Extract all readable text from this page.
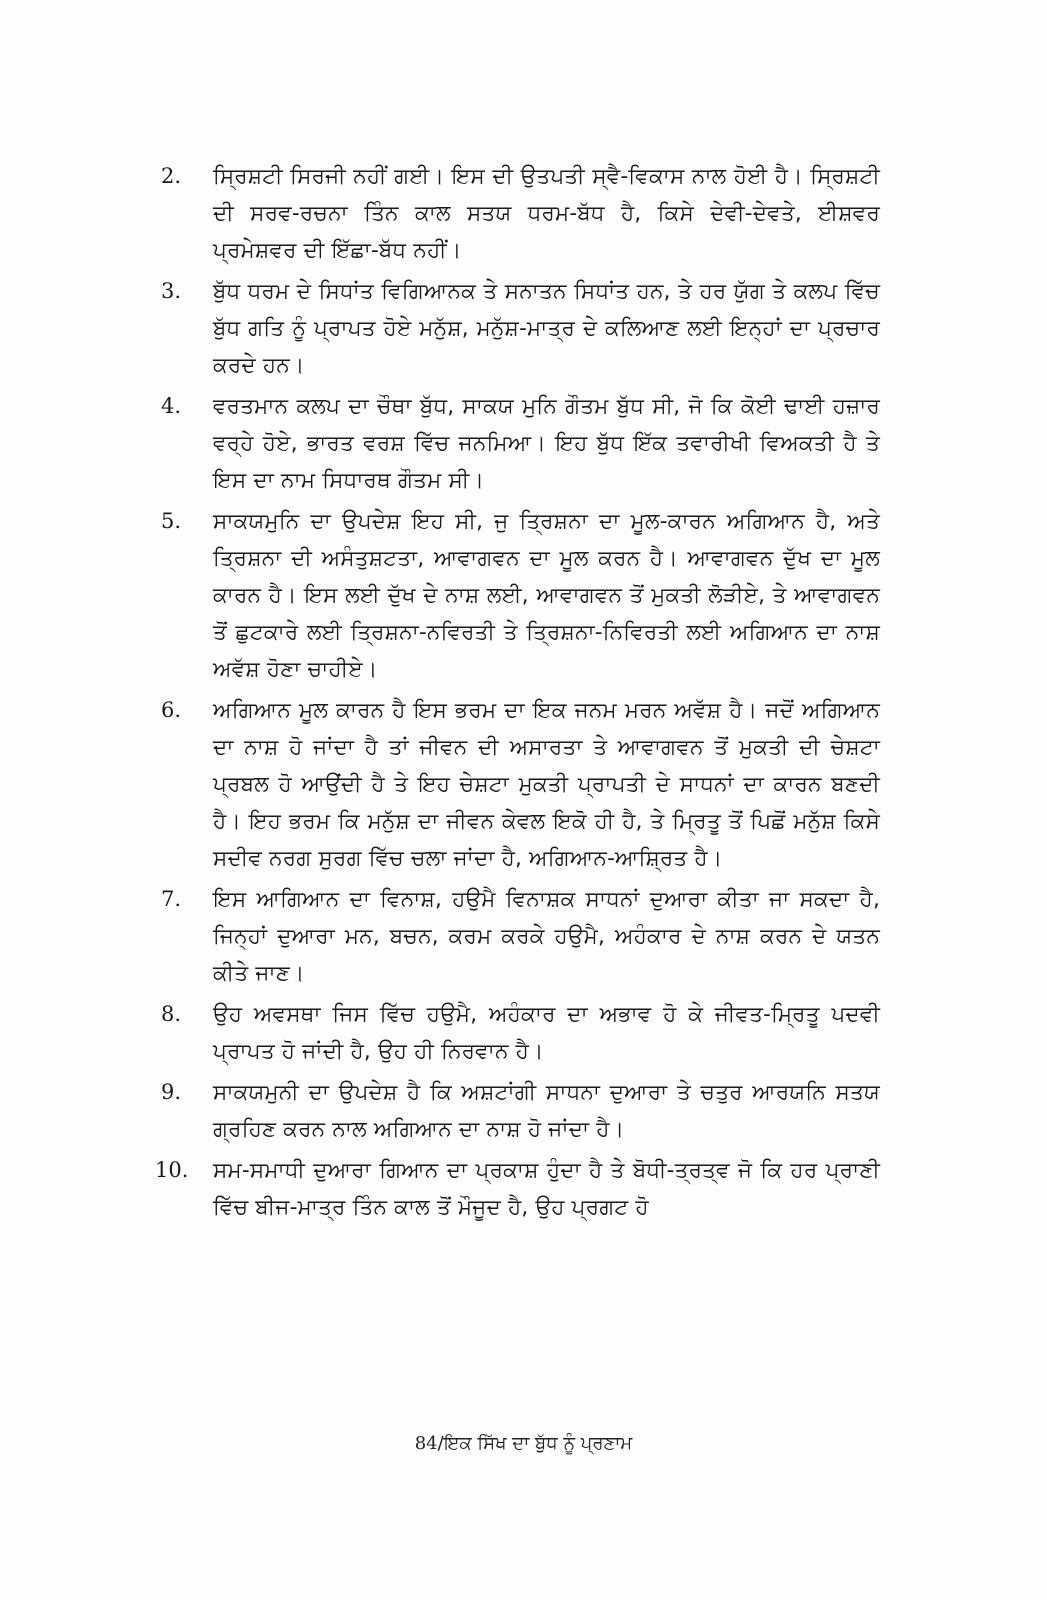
2.	ਸ੍ਰਿਸ਼ਟੀ ਸਿਰਜੀ ਨਹੀਂ ਗਈ। ਇਸ ਦੀ ਉਤਪਤੀ ਸ੍ਵੈ-ਵਿਕਾਸ ਨਾਲ ਹੋਈ ਹੈ। ਸ੍ਰਿਸ਼ਟੀ ਦੀ ਸਰਵ-ਰਚਨਾ ਤਿੰਨ ਕਾਲ ਸਤਯ ਧਰਮ-ਬੱਧ ਹੈ, ਕਿਸੇ ਦੇਵੀ-ਦੇਵਤੇ, ਈਸ਼ਵਰ ਪ੍ਰਮੇਸ਼ਵਰ ਦੀ ਇੱਛਾ-ਬੱਧ ਨਹੀਂ।
3.	ਬੁੱਧ ਧਰਮ ਦੇ ਸਿਧਾਂਤ ਵਿਗਿਆਨਕ ਤੇ ਸਨਾਤਨ ਸਿਧਾਂਤ ਹਨ, ਤੇ ਹਰ ਯੁੱਗ ਤੇ ਕਲਪ ਵਿੱਚ ਬੁੱਧ ਗਤਿ ਨੂੰ ਪ੍ਰਾਪਤ ਹੋਏ ਮਨੁੱਸ਼, ਮਨੁੱਸ਼-ਮਾਤ੍ਰ ਦੇ ਕਲਿਆਣ ਲਈ ਇਨ੍ਹਾਂ ਦਾ ਪ੍ਰਚਾਰ ਕਰਦੇ ਹਨ।
4.	ਵਰਤਮਾਨ ਕਲਪ ਦਾ ਚੌਥਾ ਬੁੱਧ, ਸਾਕਯ ਮੁਨਿ ਗੌਤਮ ਬੁੱਧ ਸੀ, ਜੋ ਕਿ ਕੋਈ ਢਾਈ ਹਜ਼ਾਰ ਵਰ੍ਹੇ ਹੋਏ, ਭਾਰਤ ਵਰਸ਼ ਵਿੱਚ ਜਨਮਿਆ। ਇਹ ਬੁੱਧ ਇੱਕ ਤਵਾਰੀਖੀ ਵਿਅਕਤੀ ਹੈ ਤੇ ਇਸ ਦਾ ਨਾਮ ਸਿਧਾਰਥ ਗੌਤਮ ਸੀ।
5.	ਸਾਕਯਮੁਨਿ ਦਾ ਉਪਦੇਸ਼ ਇਹ ਸੀ, ਜੁ ਤ੍ਰਿਸ਼ਨਾ ਦਾ ਮੂਲ-ਕਾਰਨ ਅਗਿਆਨ ਹੈ, ਅਤੇ ਤ੍ਰਿਸ਼ਨਾ ਦੀ ਅਸੰਤੁਸ਼ਟਤਾ, ਆਵਾਗਵਨ ਦਾ ਮੂਲ ਕਰਨ ਹੈ। ਆਵਾਗਵਨ ਦੁੱਖ ਦਾ ਮੂਲ ਕਾਰਨ ਹੈ। ਇਸ ਲਈ ਦੁੱਖ ਦੇ ਨਾਸ਼ ਲਈ, ਆਵਾਗਵਨ ਤੋਂ ਮੁਕਤੀ ਲੋੜੀਏ, ਤੇ ਆਵਾਗਵਨ ਤੋਂ ਛੁਟਕਾਰੇ ਲਈ ਤ੍ਰਿਸ਼ਨਾ-ਨਵਿਰਤੀ ਤੇ ਤ੍ਰਿਸ਼ਨਾ-ਨਿਵਿਰਤੀ ਲਈ ਅਗਿਆਨ ਦਾ ਨਾਸ਼ ਅਵੱਸ਼ ਹੋਣਾ ਚਾਹੀਏ।
6.	ਅਗਿਆਨ ਮੂਲ ਕਾਰਨ ਹੈ ਇਸ ਭਰਮ ਦਾ ਇਕ ਜਨਮ ਮਰਨ ਅਵੱਸ਼ ਹੈ। ਜਦੋਂ ਅਗਿਆਨ ਦਾ ਨਾਸ਼ ਹੋ ਜਾਂਦਾ ਹੈ ਤਾਂ ਜੀਵਨ ਦੀ ਅਸਾਰਤਾ ਤੇ ਆਵਾਗਵਨ ਤੋਂ ਮੁਕਤੀ ਦੀ ਚੇਸ਼ਟਾ ਪ੍ਰਬਲ ਹੋ ਆਉਂਦੀ ਹੈ ਤੇ ਇਹ ਚੇਸ਼ਟਾ ਮੁਕਤੀ ਪ੍ਰਾਪਤੀ ਦੇ ਸਾਧਨਾਂ ਦਾ ਕਾਰਨ ਬਣਦੀ ਹੈ। ਇਹ ਭਰਮ ਕਿ ਮਨੁੱਸ਼ ਦਾ ਜੀਵਨ ਕੇਵਲ ਇਕੋ ਹੀ ਹੈ, ਤੇ ਮ੍ਰਿਤੂ ਤੋਂ ਪਿਛੋਂ ਮਨੁੱਸ਼ ਕਿਸੇ ਸਦੀਵ ਨਰਗ ਸੁਰਗ ਵਿੱਚ ਚਲਾ ਜਾਂਦਾ ਹੈ, ਅਗਿਆਨ-ਆਸ਼੍ਰਿਤ ਹੈ।
7.	ਇਸ ਆਗਿਆਨ ਦਾ ਵਿਨਾਸ਼, ਹਉਮੈ ਵਿਨਾਸ਼ਕ ਸਾਧਨਾਂ ਦੁਆਰਾ ਕੀਤਾ ਜਾ ਸਕਦਾ ਹੈ, ਜਿਨ੍ਹਾਂ ਦੁਆਰਾ ਮਨ, ਬਚਨ, ਕਰਮ ਕਰਕੇ ਹਉਮੈ, ਅਹੰਕਾਰ ਦੇ ਨਾਸ਼ ਕਰਨ ਦੇ ਯਤਨ ਕੀਤੇ ਜਾਣ।
8.	ਉਹ ਅਵਸਥਾ ਜਿਸ ਵਿੱਚ ਹਉਮੈ, ਅਹੰਕਾਰ ਦਾ ਅਭਾਵ ਹੋ ਕੇ ਜੀਵਤ-ਮ੍ਰਿਤੂ ਪਦਵੀ ਪ੍ਰਾਪਤ ਹੋ ਜਾਂਦੀ ਹੈ, ਉਹ ਹੀ ਨਿਰਵਾਨ ਹੈ।
9.	ਸਾਕਯਮੁਨੀ ਦਾ ਉਪਦੇਸ਼ ਹੈ ਕਿ ਅਸ਼ਟਾਂਗੀ ਸਾਧਨਾ ਦੁਆਰਾ ਤੇ ਚਤੁਰ ਆਰਯਨਿ ਸਤਯ ਗ੍ਰਹਿਣ ਕਰਨ ਨਾਲ ਅਗਿਆਨ ਦਾ ਨਾਸ਼ ਹੋ ਜਾਂਦਾ ਹੈ।
10.	ਸਮ-ਸਮਾਧੀ ਦੁਆਰਾ ਗਿਆਨ ਦਾ ਪ੍ਰਕਾਸ਼ ਹੁੰਦਾ ਹੈ ਤੇ ਬੋਧੀ-ਤ੍ਰਤ੍ਵ ਜੋ ਕਿ ਹਰ ਪ੍ਰਾਣੀ ਵਿੱਚ ਬੀਜ-ਮਾਤ੍ਰ ਤਿੰਨ ਕਾਲ ਤੋਂ ਮੌਜੂਦ ਹੈ, ਉਹ ਪ੍ਰਗਟ ਹੋ
84/ਇਕ ਸਿੱਖ ਦਾ ਬੁੱਧ ਨੂੰ ਪ੍ਰਣਾਮ
